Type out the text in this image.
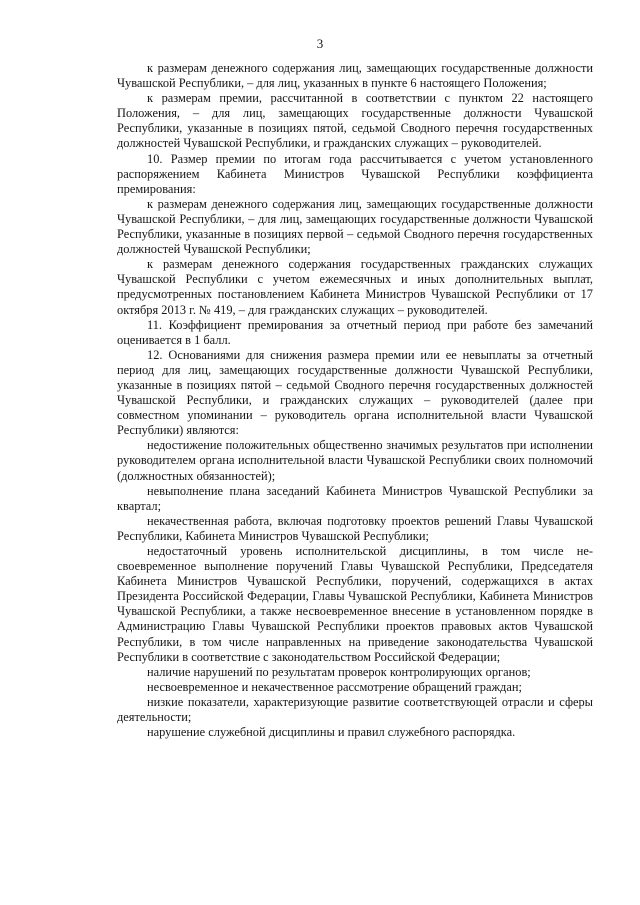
3

к размерам денежного содержания лиц, замещающих государственные должности Чувашской Республики, – для лиц, указанных в пункте 6 настоящего Положения;

к размерам премии, рассчитанной в соответствии с пунктом 22 настоящего Положения, – для лиц, замещающих государственные должности Чувашской Республики, указанные в позициях пятой, седьмой Сводного перечня государственных должностей Чувашской Республики, и гражданских служащих – руководителей.

10. Размер премии по итогам года рассчитывается с учетом установленного распоряжением Кабинета Министров Чувашской Республики коэффициента премирования:

к размерам денежного содержания лиц, замещающих государственные должности Чувашской Республики, – для лиц, замещающих государственные должности Чувашской Республики, указанные в позициях первой – седьмой Сводного перечня государственных должностей Чувашской Республики;

к размерам денежного содержания государственных гражданских служащих Чувашской Республики с учетом ежемесячных и иных дополнительных выплат, предусмотренных постановлением Кабинета Министров Чувашской Республики от 17 октября 2013 г. № 419, – для гражданских служащих – руководителей.

11. Коэффициент премирования за отчетный период при работе без замечаний оценивается в 1 балл.

12. Основаниями для снижения размера премии или ее невыплаты за отчетный период для лиц, замещающих государственные должности Чувашской Республики, указанные в позициях пятой – седьмой Сводного перечня государственных должностей Чувашской Республики, и гражданских служащих – руководителей (далее при совместном упоминании – руководитель органа исполнительной власти Чувашской Республики) являются:

недостижение положительных общественно значимых результатов при исполнении руководителем органа исполнительной власти Чувашской Республики своих полномочий (должностных обязанностей);

невыполнение плана заседаний Кабинета Министров Чувашской Республики за квартал;

некачественная работа, включая подготовку проектов решений Главы Чувашской Республики, Кабинета Министров Чувашской Республики;

недостаточный уровень исполнительской дисциплины, в том числе несвоевременное выполнение поручений Главы Чувашской Республики, Председателя Кабинета Министров Чувашской Республики, поручений, содержащихся в актах Президента Российской Федерации, Главы Чувашской Республики, Кабинета Министров Чувашской Республики, а также несвоевременное внесение в установленном порядке в Администрацию Главы Чувашской Республики проектов правовых актов Чувашской Республики, в том числе направленных на приведение законодательства Чувашской Республики в соответствие с законодательством Российской Федерации;

наличие нарушений по результатам проверок контролирующих органов;

несвоевременное и некачественное рассмотрение обращений граждан;

низкие показатели, характеризующие развитие соответствующей отрасли и сферы деятельности;

нарушение служебной дисциплины и правил служебного распорядка.
